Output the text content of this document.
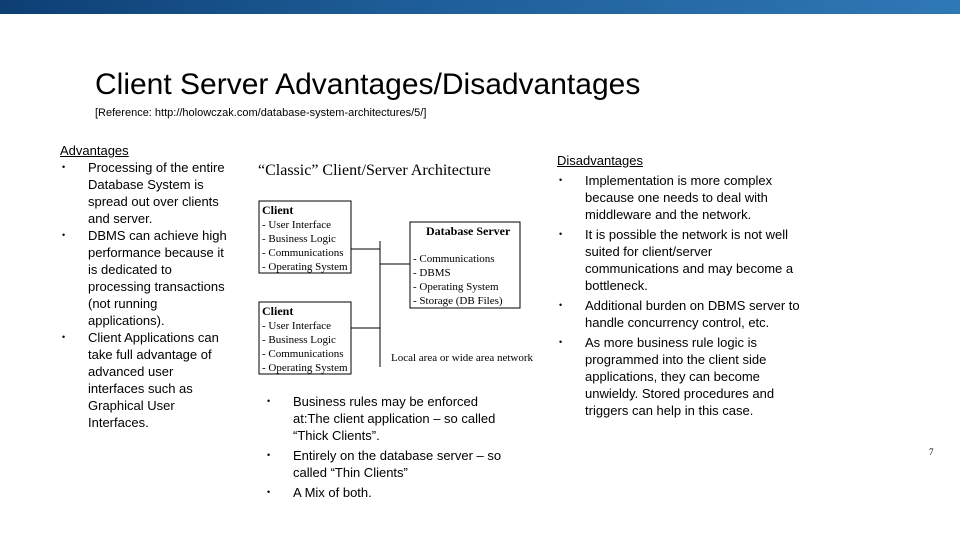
Client Server Advantages/Disadvantages
[Reference: http://holowczak.com/database-system-architectures/5/]
Advantages
• Processing of the entire Database System is spread out over clients and server.
• DBMS can achieve high performance because it is dedicated to processing transactions (not running applications).
• Client Applications can take full advantage of advanced user interfaces such as Graphical User Interfaces.
“Classic” Client/Server Architecture
Client
- User Interface
- Business Logic
- Communications
- Operating System
Client
- User Interface
- Business Logic
- Communications
- Operating System
Database Server
- Communications
- DBMS
- Operating System
- Storage (DB Files)
Local area or wide area network
• Business rules may be enforced at:The client application – so called “Thick Clients”.
• Entirely on the database server – so called “Thin Clients”
• A Mix of both.
Disadvantages
• Implementation is more complex because one needs to deal with middleware and the network.
• It is possible the network is not well suited for client/server communications and may become a bottleneck.
• Additional burden on DBMS server to handle concurrency control, etc.
• As more business rule logic is programmed into the client side applications, they can become unwieldy. Stored procedures and triggers can help in this case.
7
